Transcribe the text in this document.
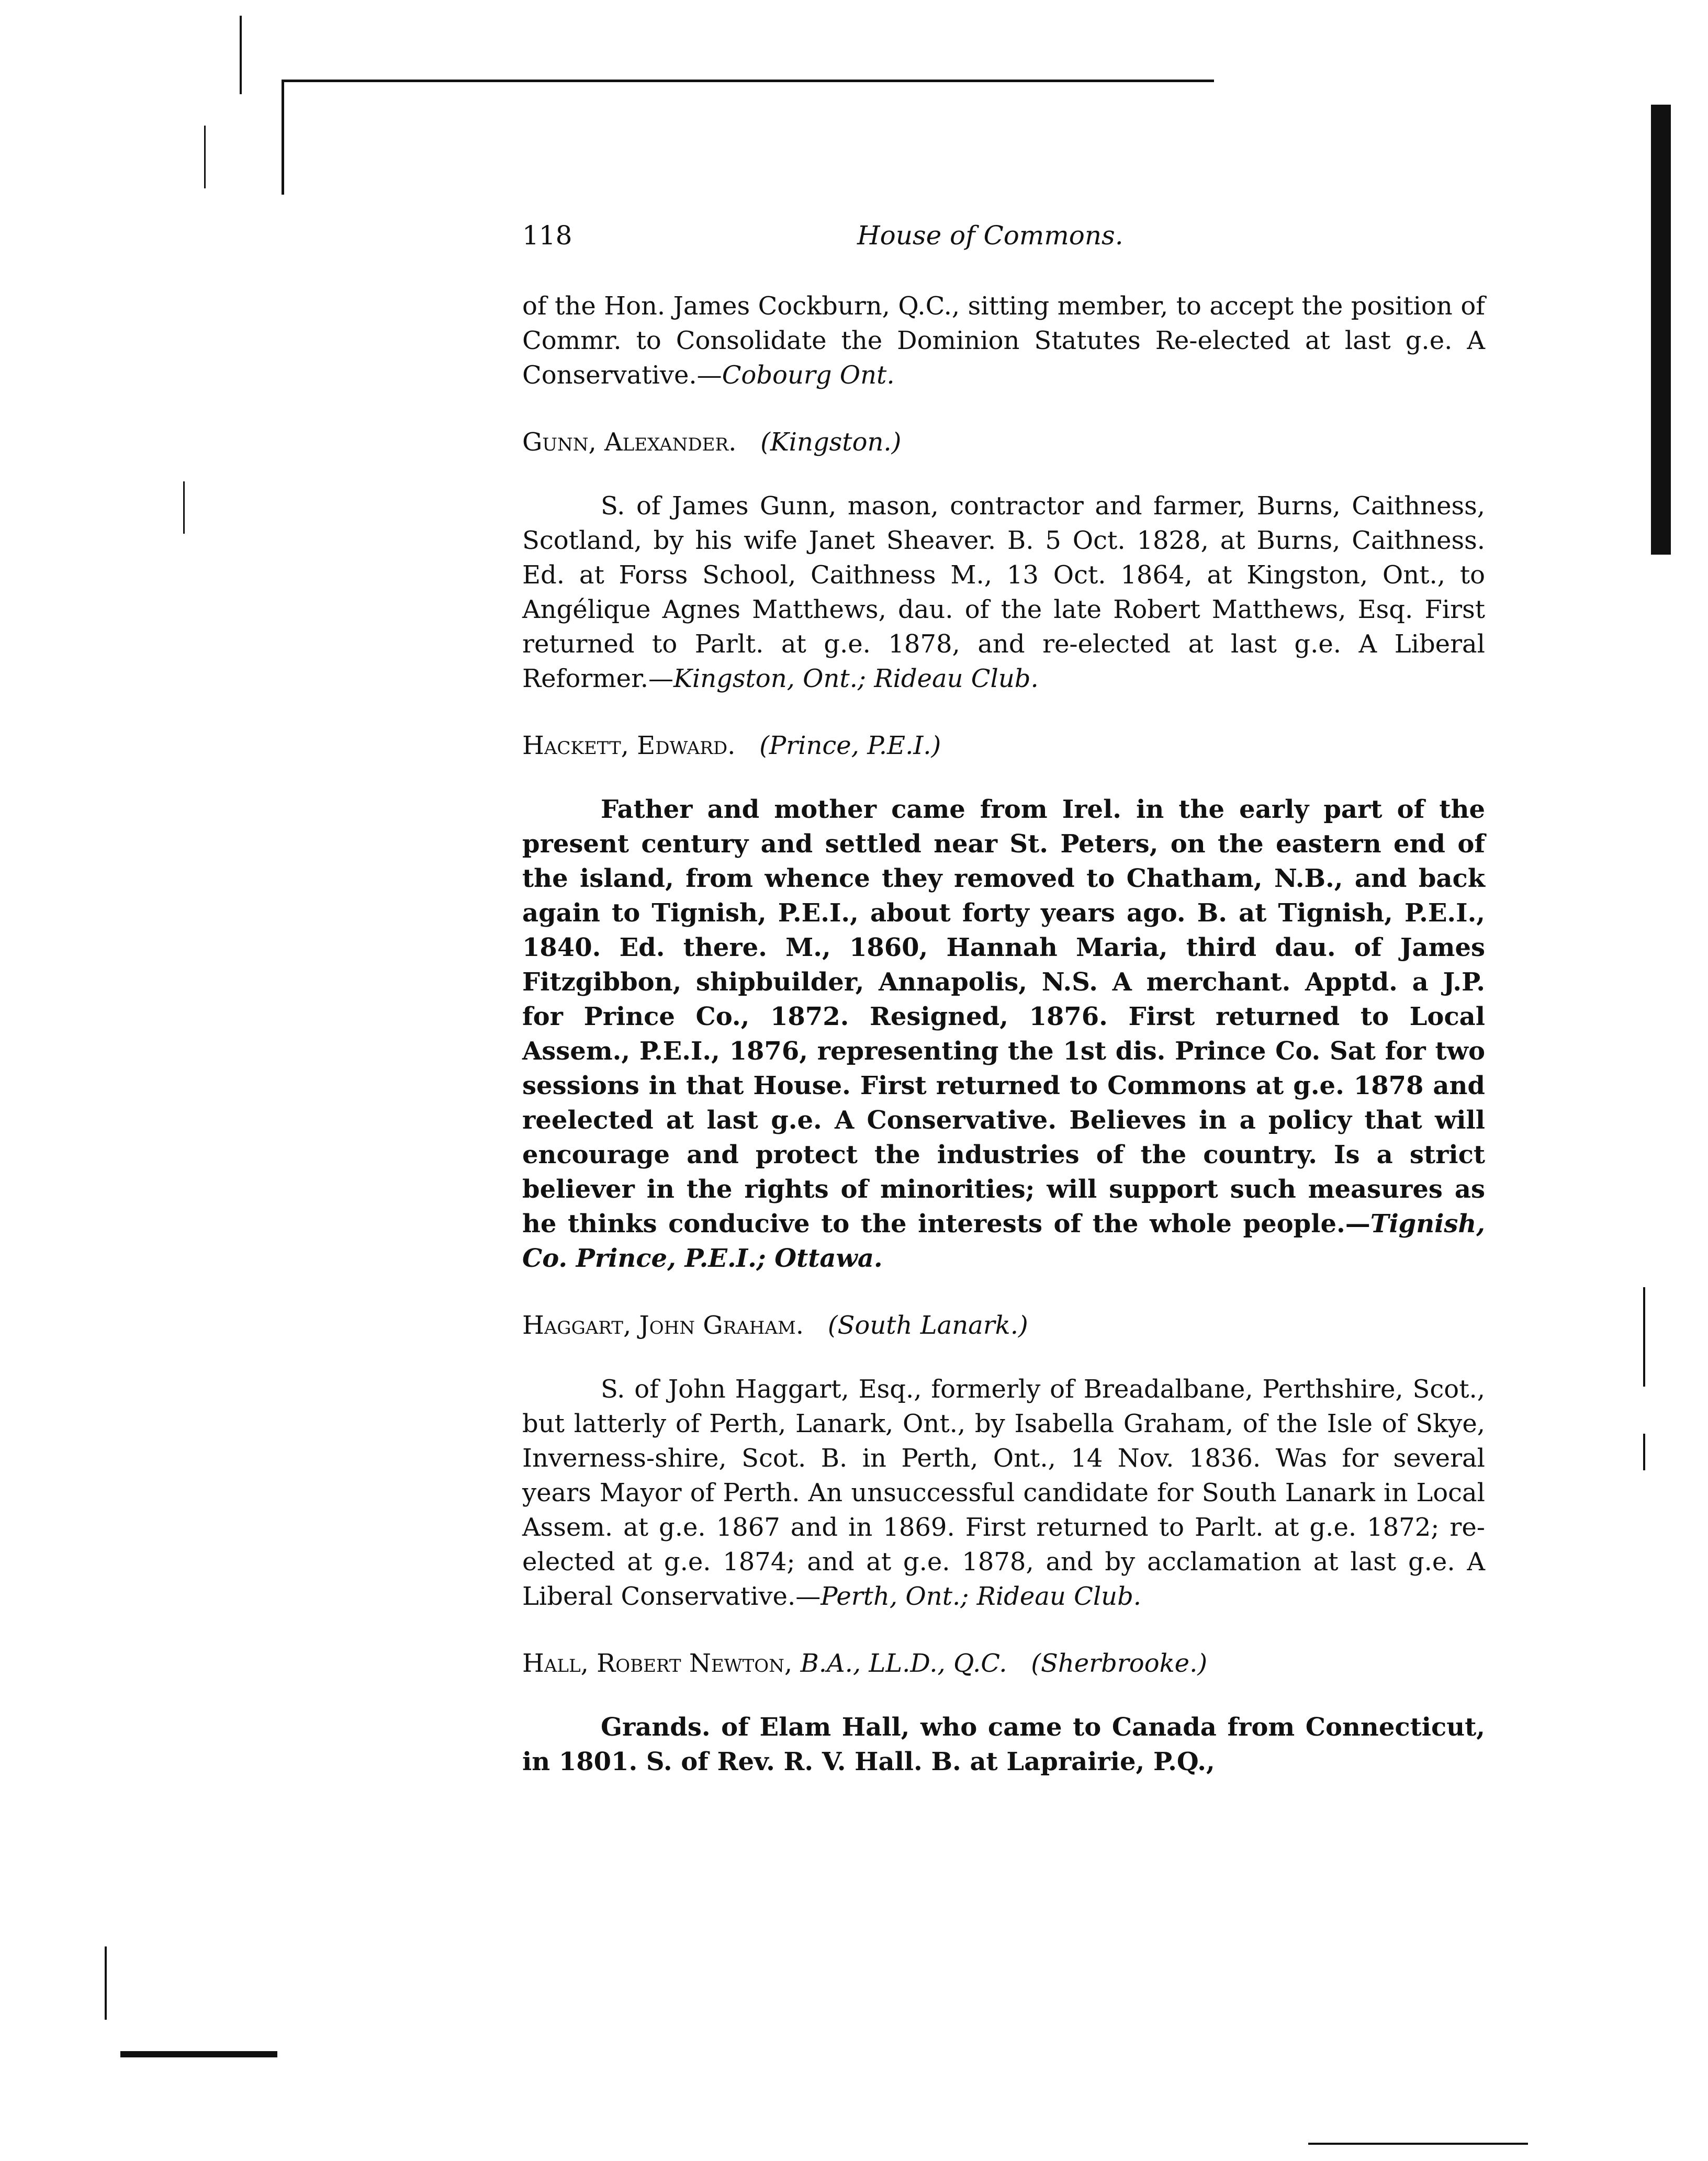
118	House of Commons.

of the Hon. James Cockburn, Q.C., sitting member, to accept the position of Commr. to Consolidate the Dominion Statutes Re-elected at last g.e. A Conservative.—Cobourg Ont.

Gunn, Alexander.   (Kingston.)

S. of James Gunn, mason, contractor and farmer, Burns, Caithness, Scotland, by his wife Janet Sheaver. B. 5 Oct. 1828, at Burns, Caithness. Ed. at Forss School, Caithness M., 13 Oct. 1864, at Kingston, Ont., to Angélique Agnes Matthews, dau. of the late Robert Matthews, Esq. First returned to Parlt. at g.e. 1878, and re-elected at last g.e. A Liberal Reformer.—Kingston, Ont.; Rideau Club.

Hackett, Edward.   (Prince, P.E.I.)

Father and mother came from Irel. in the early part of the present century and settled near St. Peters, on the eastern end of the island, from whence they removed to Chatham, N.B., and back again to Tignish, P.E.I., about forty years ago. B. at Tignish, P.E.I., 1840. Ed. there. M., 1860, Hannah Maria, third dau. of James Fitzgibbon, shipbuilder, Annapolis, N.S. A merchant. Apptd. a J.P. for Prince Co., 1872. Resigned, 1876. First returned to Local Assem., P.E.I., 1876, representing the 1st dis. Prince Co. Sat for two sessions in that House. First returned to Commons at g.e. 1878 and reelected at last g.e. A Conservative. Believes in a policy that will encourage and protect the industries of the country. Is a strict believer in the rights of minorities; will support such measures as he thinks conducive to the interests of the whole people.—Tignish, Co. Prince, P.E.I.; Ottawa.

Haggart, John Graham.   (South Lanark.)

S. of John Haggart, Esq., formerly of Breadalbane, Perthshire, Scot., but latterly of Perth, Lanark, Ont., by Isabella Graham, of the Isle of Skye, Inverness-shire, Scot. B. in Perth, Ont., 14 Nov. 1836. Was for several years Mayor of Perth. An unsuccessful candidate for South Lanark in Local Assem. at g.e. 1867 and in 1869. First returned to Parlt. at g.e. 1872; re-elected at g.e. 1874; and at g.e. 1878, and by acclamation at last g.e. A Liberal Conservative.—Perth, Ont.; Rideau Club.

Hall, Robert Newton, B.A., LL.D., Q.C. (Sherbrooke.)

Grands. of Elam Hall, who came to Canada from Connecticut, in 1801. S. of Rev. R. V. Hall. B. at Laprairie, P.Q.,
